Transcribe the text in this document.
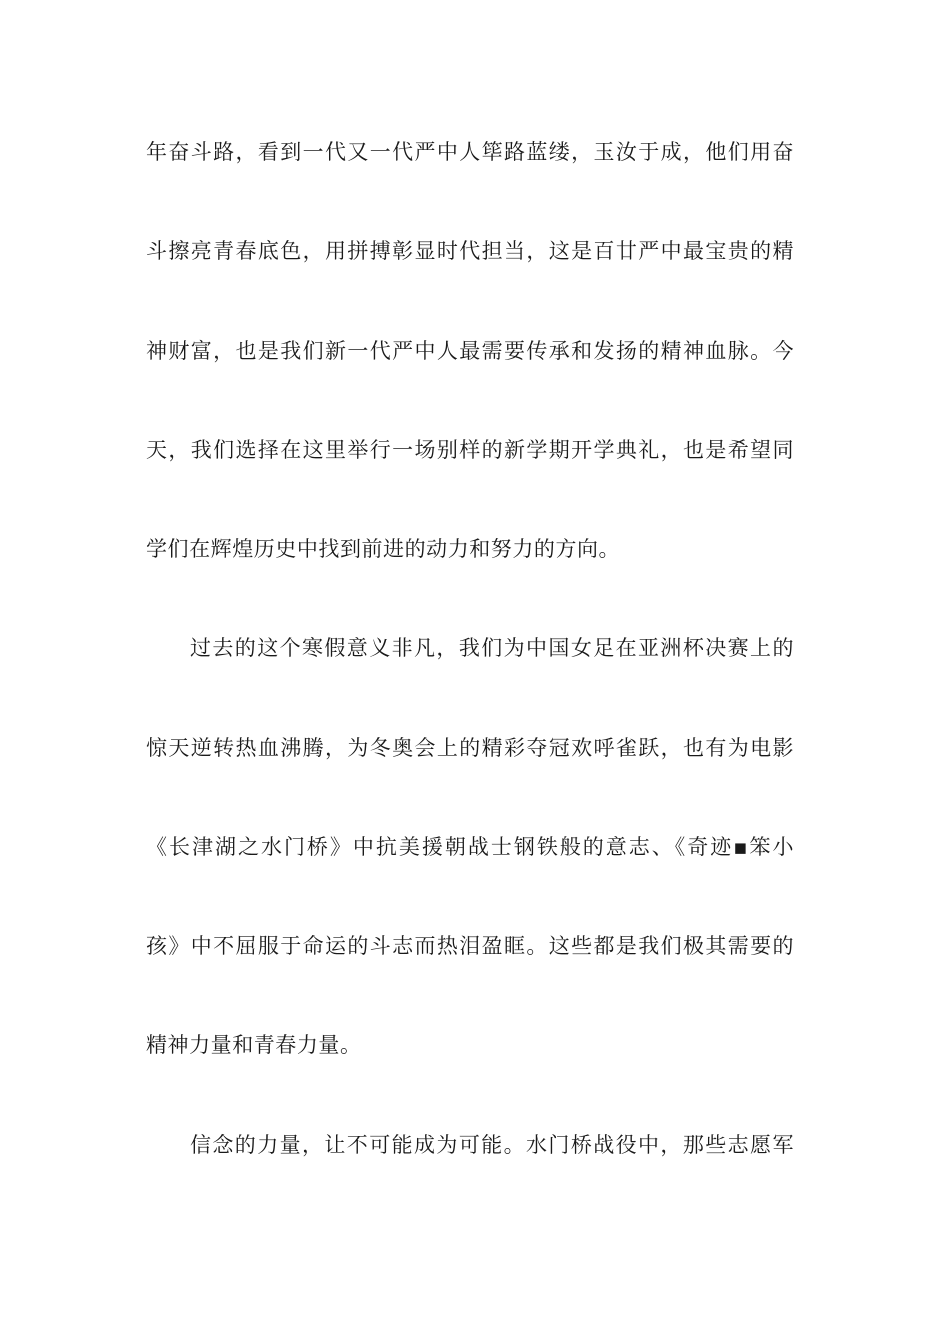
年奋斗路，看到一代又一代严中人筚路蓝缕，玉汝于成，他们用奋
斗擦亮青春底色，用拼搏彰显时代担当，这是百廿严中最宝贵的精
神财富，也是我们新一代严中人最需要传承和发扬的精神血脉。今
天，我们选择在这里举行一场别样的新学期开学典礼，也是希望同
学们在辉煌历史中找到前进的动力和努力的方向。
过去的这个寒假意义非凡，我们为中国女足在亚洲杯决赛上的
惊天逆转热血沸腾，为冬奥会上的精彩夺冠欢呼雀跃，也有为电影
《长津湖之水门桥》中抗美援朝战士钢铁般的意志、《奇迹▪笨小
孩》中不屈服于命运的斗志而热泪盈眶。这些都是我们极其需要的
精神力量和青春力量。
信念的力量，让不可能成为可能。水门桥战役中，那些志愿军
